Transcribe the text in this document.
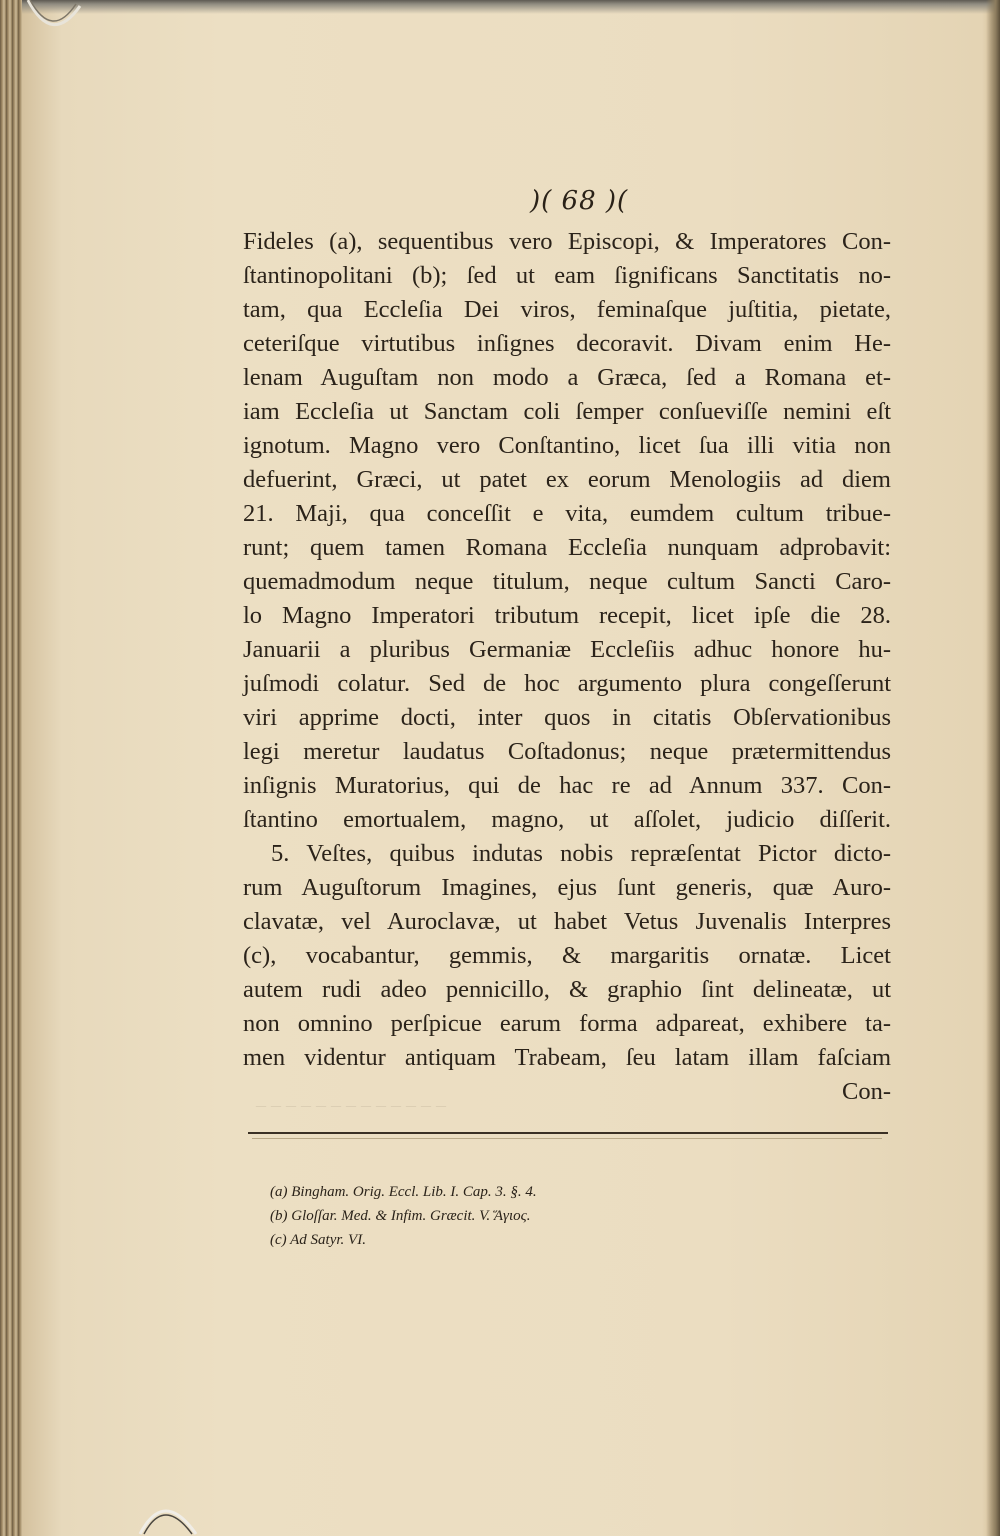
)( 68 )(
‒ ‒ ‒ ‒ ‒ ‒ ‒ ‒ ‒ ‒ ‒ ‒ ‒
Fideles (a), sequentibus vero Episcopi, & Imperatores Con-
ſtantinopolitani (b); ſed ut eam ſignificans Sanctitatis no-
tam, qua Eccleſia Dei viros, feminaſque juſtitia, pietate,
ceteriſque virtutibus inſignes decoravit. Divam enim He-
lenam Auguſtam non modo a Græca, ſed a Romana et-
iam Eccleſia ut Sanctam coli ſemper conſueviſſe nemini eſt
ignotum. Magno vero Conſtantino, licet ſua illi vitia non
defuerint, Græci, ut patet ex eorum Menologiis ad diem
21. Maji, qua conceſſit e vita, eumdem cultum tribue-
runt; quem tamen Romana Eccleſia nunquam adprobavit:
quemadmodum neque titulum, neque cultum Sancti Caro-
lo Magno Imperatori tributum recepit, licet ipſe die 28.
Januarii a pluribus Germaniæ Eccleſiis adhuc honore hu-
juſmodi colatur. Sed de hoc argumento plura congeſſerunt
viri apprime docti, inter quos in citatis Obſervationibus
legi meretur laudatus Coſtadonus; neque prætermittendus
inſignis Muratorius, qui de hac re ad Annum 337. Con-
ſtantino emortualem, magno, ut aſſolet, judicio diſſerit.
5. Veſtes, quibus indutas nobis repræſentat Pictor dicto-
rum Auguſtorum Imagines, ejus ſunt generis, quæ Auro-
clavatæ, vel Auroclavæ, ut habet Vetus Juvenalis Interpres
(c), vocabantur, gemmis, & margaritis ornatæ. Licet
autem rudi adeo pennicillo, & graphio ſint delineatæ, ut
non omnino perſpicue earum forma adpareat, exhibere ta-
men videntur antiquam Trabeam, ſeu latam illam faſciam
Con-
(a) Bingham. Orig. Eccl. Lib. I. Cap. 3. §. 4.
(b) Gloſſar. Med. & Infim. Græcit. V. Ἅγιος.
(c) Ad Satyr. VI.
